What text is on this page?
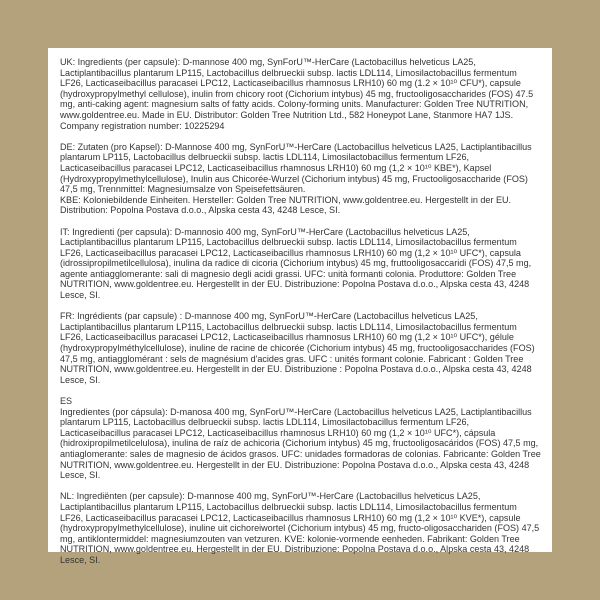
UK: Ingredients (per capsule): D-mannose 400 mg, SynForU™-HerCare (Lactobacillus helveticus LA25, Lactiplantibacillus plantarum LP115, Lactobacillus delbrueckii subsp. lactis LDL114, Limosilactobacillus fermentum LF26, Lacticaseibacillus paracasei LPC12, Lacticaseibacillus rhamnosus LRH10) 60 mg (1.2 × 10¹⁰ CFU*), capsule (hydroxypropylmethyl cellulose), inulin from chicory root (Cichorium intybus) 45 mg, fructooligosaccharides (FOS) 47.5 mg, anti-caking agent: magnesium salts of fatty acids. Colony-forming units. Manufacturer: Golden Tree NUTRITION, www.goldentree.eu. Made in EU. Distributor: Golden Tree Nutrition Ltd., 582 Honeypot Lane, Stanmore HA7 1JS. Company registration number: 10225294
DE: Zutaten (pro Kapsel): D-Mannose 400 mg, SynForU™-HerCare (Lactobacillus helveticus LA25, Lactiplantibacillus plantarum LP115, Lactobacillus delbrueckii subsp. lactis LDL114, Limosilactobacillus fermentum LF26, Lacticaseibacillus paracasei LPC12, Lacticaseibacillus rhamnosus LRH10) 60 mg (1,2 × 10¹⁰ KBE*), Kapsel (Hydroxypropylmethylcellulose), Inulin aus Chicorée-Wurzel (Cichorium intybus) 45 mg, Fructooligosaccharide (FOS) 47,5 mg, Trennmittel: Magnesiumsalze von Speisefettsäuren.
KBE: Koloniebildende Einheiten. Hersteller: Golden Tree NUTRITION, www.goldentree.eu. Hergestellt in der EU. Distribution: Popolna Postava d.o.o., Alpska cesta 43, 4248 Lesce, SI.
IT: Ingredienti (per capsula): D-mannosio 400 mg, SynForU™-HerCare (Lactobacillus helveticus LA25, Lactiplantibacillus plantarum LP115, Lactobacillus delbrueckii subsp. lactis LDL114, Limosilactobacillus fermentum LF26, Lacticaseibacillus paracasei LPC12, Lacticaseibacillus rhamnosus LRH10) 60 mg (1,2 × 10¹⁰ UFC*), capsula (idrossipropilmetilcellulosa), inulina da radice di cicoria (Cichorium intybus) 45 mg, fruttooligosaccaridi (FOS) 47,5 mg, agente antiagglomerante: sali di magnesio degli acidi grassi. UFC: unità formanti colonia. Produttore: Golden Tree NUTRITION, www.goldentree.eu. Hergestellt in der EU. Distribuzione: Popolna Postava d.o.o., Alpska cesta 43, 4248 Lesce, SI.
FR: Ingrédients (par capsule) : D-mannose 400 mg, SynForU™-HerCare (Lactobacillus helveticus LA25, Lactiplantibacillus plantarum LP115, Lactobacillus delbrueckii subsp. lactis LDL114, Limosilactobacillus fermentum LF26, Lacticaseibacillus paracasei LPC12, Lacticaseibacillus rhamnosus LRH10) 60 mg (1,2 × 10¹⁰ UFC*), gélule (hydroxypropylméthylcellulose), inuline de racine de chicorée (Cichorium intybus) 45 mg, fructooligosaccharides (FOS) 47,5 mg, antiagglomérant : sels de magnésium d'acides gras. UFC : unités formant colonie. Fabricant : Golden Tree NUTRITION, www.goldentree.eu. Hergestellt in der EU. Distribuzione : Popolna Postava d.o.o., Alpska cesta 43, 4248 Lesce, SI.
ES
Ingredientes (por cápsula): D-manosa 400 mg, SynForU™-HerCare (Lactobacillus helveticus LA25, Lactiplantibacillus plantarum LP115, Lactobacillus delbrueckii subsp. lactis LDL114, Limosilactobacillus fermentum LF26, Lacticaseibacillus paracasei LPC12, Lacticaseibacillus rhamnosus LRH10) 60 mg (1,2 × 10¹⁰ UFC*), cápsula (hidroxipropilmetilcelulosa), inulina de raíz de achicoria (Cichorium intybus) 45 mg, fructooligosacáridos (FOS) 47,5 mg, antiaglomerante: sales de magnesio de ácidos grasos. UFC: unidades formadoras de colonias. Fabricante: Golden Tree NUTRITION, www.goldentree.eu. Hergestellt in der EU. Distribuzione: Popolna Postava d.o.o., Alpska cesta 43, 4248 Lesce, SI.
NL: Ingrediënten (per capsule): D-mannose 400 mg, SynForU™-HerCare (Lactobacillus helveticus LA25, Lactiplantibacillus plantarum LP115, Lactobacillus delbrueckii subsp. lactis LDL114, Limosilactobacillus fermentum LF26, Lacticaseibacillus paracasei LPC12, Lacticaseibacillus rhamnosus LRH10) 60 mg (1,2 × 10¹⁰ KVE*), capsule (hydroxypropylmethylcellulose), inuline uit cichoreiwortel (Cichorium intybus) 45 mg, fructo-oligosacchariden (FOS) 47,5 mg, antiklontermiddel: magnesiumzouten van vetzuren. KVE: kolonie-vormende eenheden. Fabrikant: Golden Tree NUTRITION, www.goldentree.eu. Hergestellt in der EU. Distribuzione: Popolna Postava d.o.o., Alpska cesta 43, 4248 Lesce, SI.
